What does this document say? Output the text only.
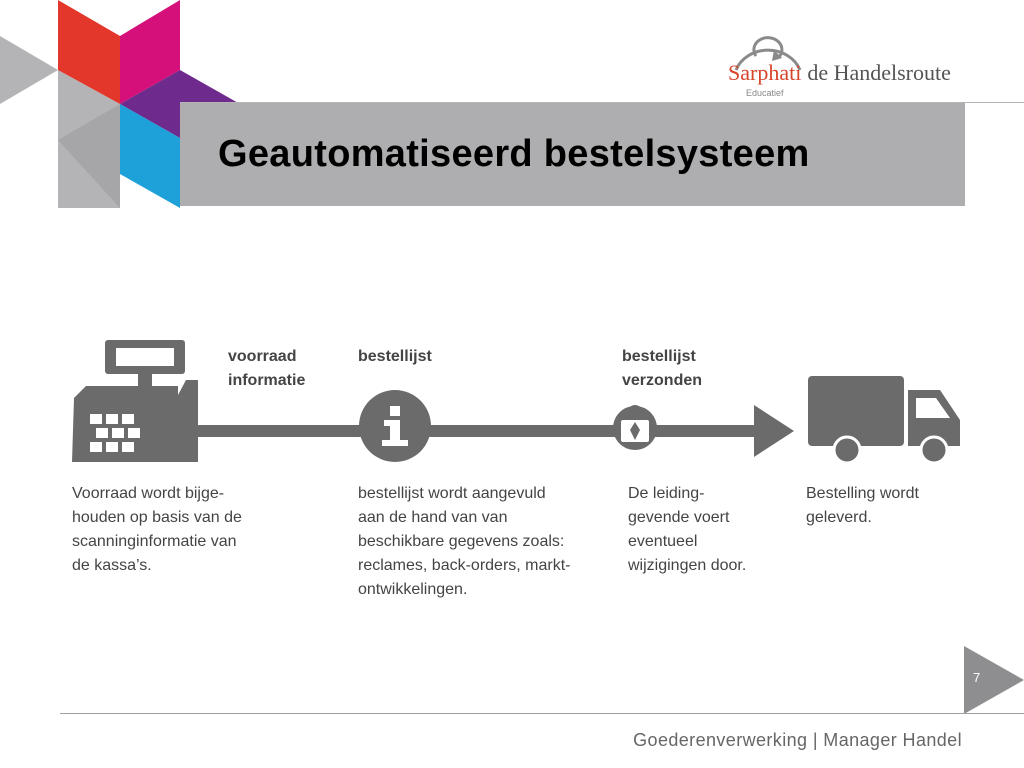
Sarphati de Handelsroute
Educatief
Geautomatiseerd bestelsysteem
voorraad
informatie
bestellijst	bestellijst
verzonden
Voorraad wordt bijge-
houden op basis van de
scanninginformatie van
de kassa’s.
bestellijst wordt aangevuld
aan de hand van van
beschikbare gegevens zoals:
reclames, back-orders, markt-
ontwikkelingen.
De leiding-
gevende voert
eventueel
wijzigingen door.
Bestelling wordt
geleverd.
7
Goederenverwerking | Manager Handel
